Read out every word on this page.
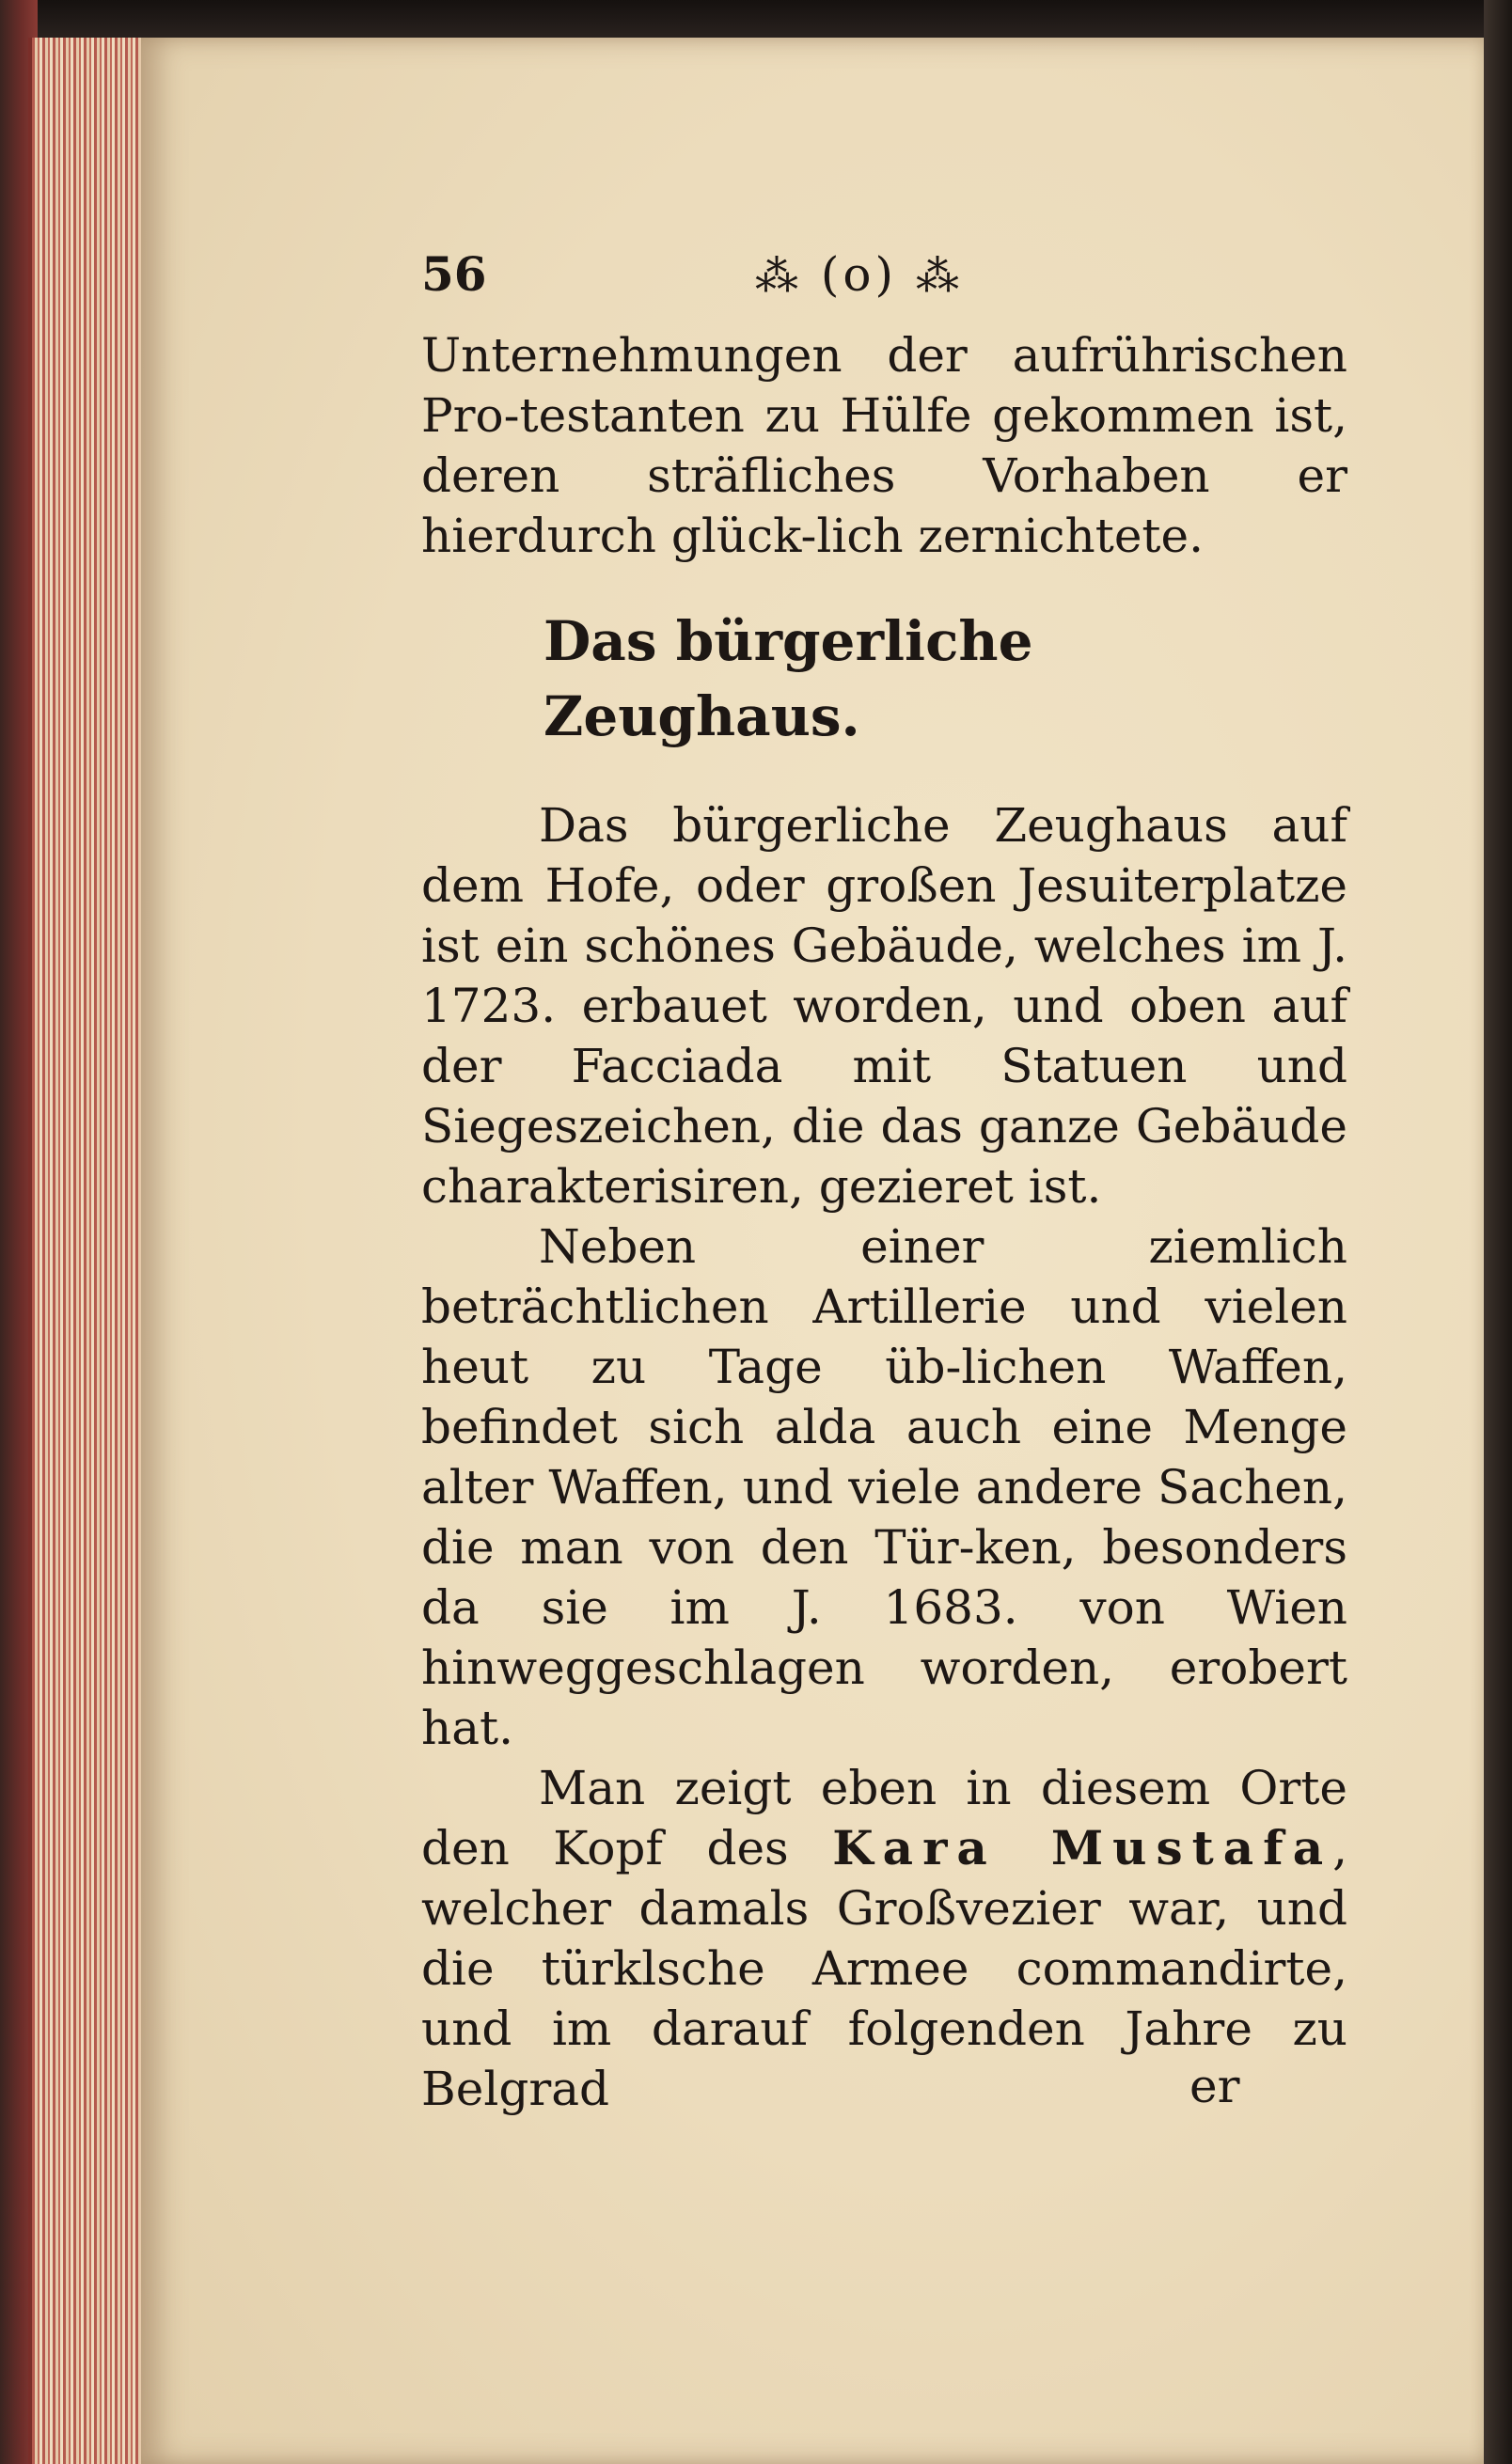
56	⁂ (o) ⁂

Unternehmungen der aufrührischen Pro-testanten zu Hülfe gekommen ist, deren sträfliches Vorhaben er hierdurch glück-lich zernichtete.

Das bürgerliche Zeughaus.

Das bürgerliche Zeughaus auf dem Hofe, oder großen Jesuiterplatze ist ein schönes Gebäude, welches im J. 1723. erbauet worden, und oben auf der Facciada mit Statuen und Siegeszeichen, die das ganze Gebäude charakterisiren, gezieret ist.

Neben einer ziemlich beträchtlichen Artillerie und vielen heut zu Tage üb-lichen Waffen, befindet sich alda auch eine Menge alter Waffen, und viele andere Sachen, die man von den Tür-ken, besonders da sie im J. 1683. von Wien hinweggeschlagen worden, erobert hat.

Man zeigt eben in diesem Orte den Kopf des Kara Mustafa, welcher damals Großvezier war, und die türklsche Armee commandirte, und im darauf folgenden Jahre zu Belgrad	er
